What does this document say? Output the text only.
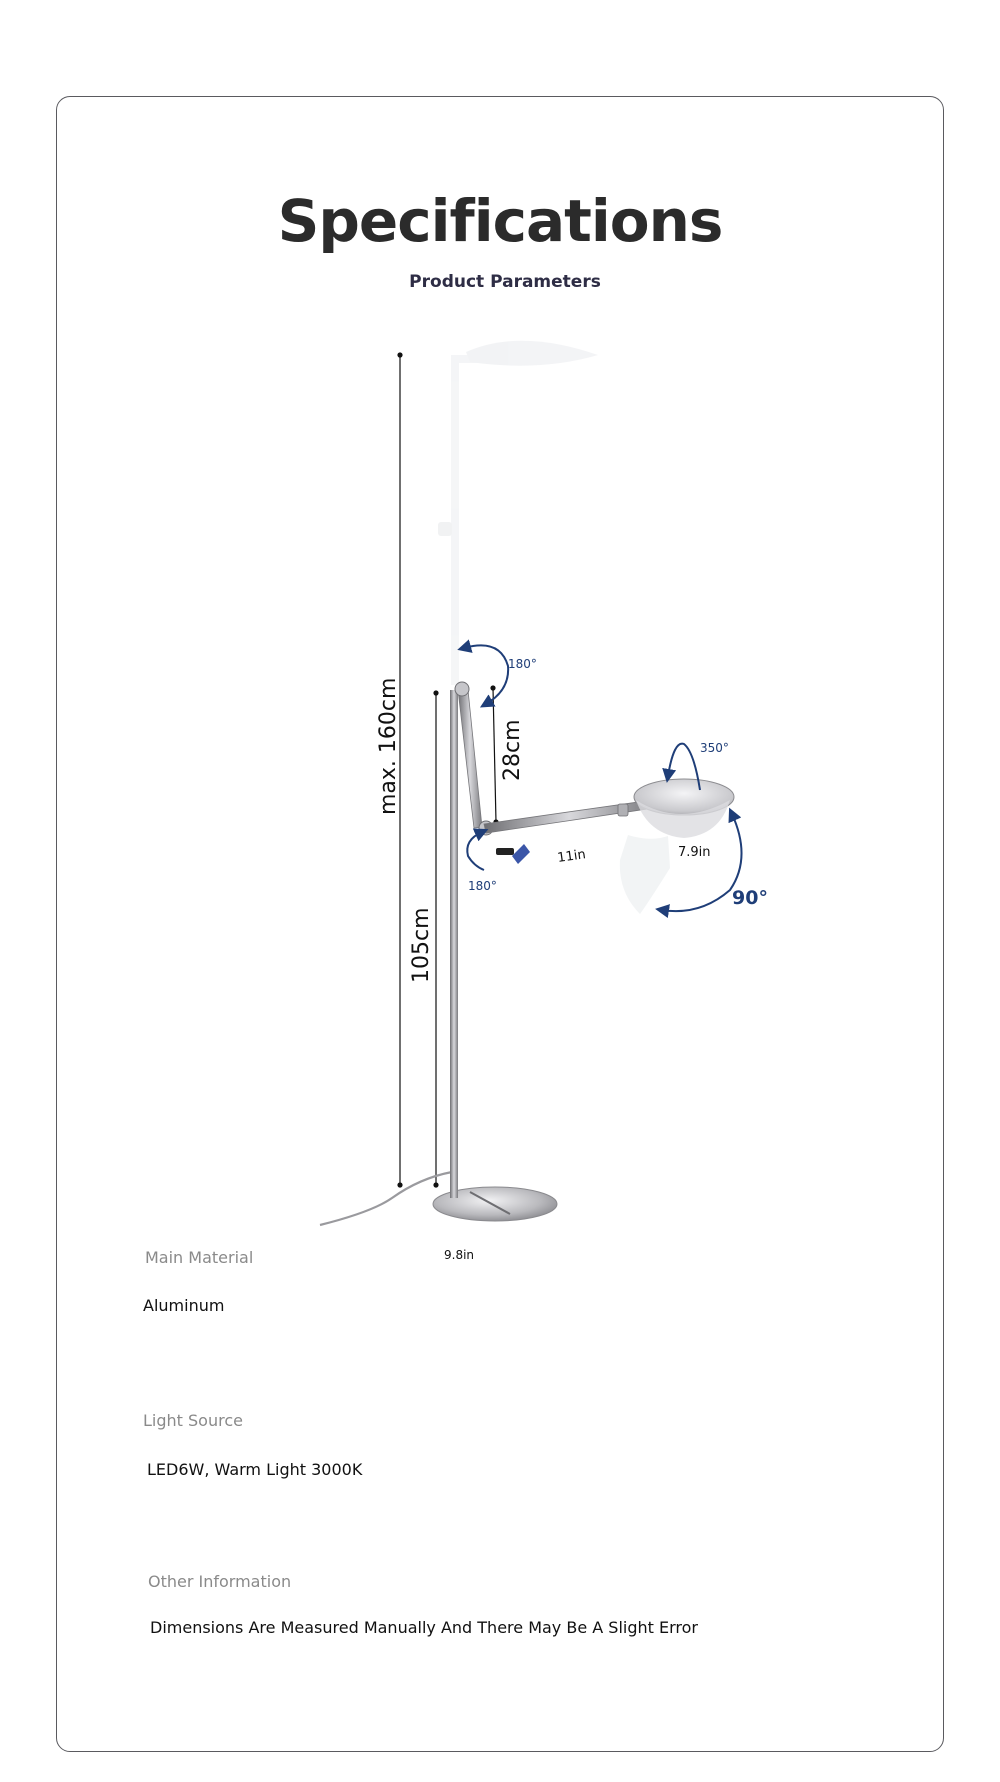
Specifications
Product Parameters
max. 160cm
105cm
28cm
11in	7.9in
9.8in
180°
180°
350°
90°

Main Material

Aluminum

Light Source

LED6W, Warm Light 3000K

Other Information

Dimensions Are Measured Manually And There May Be A Slight Error
